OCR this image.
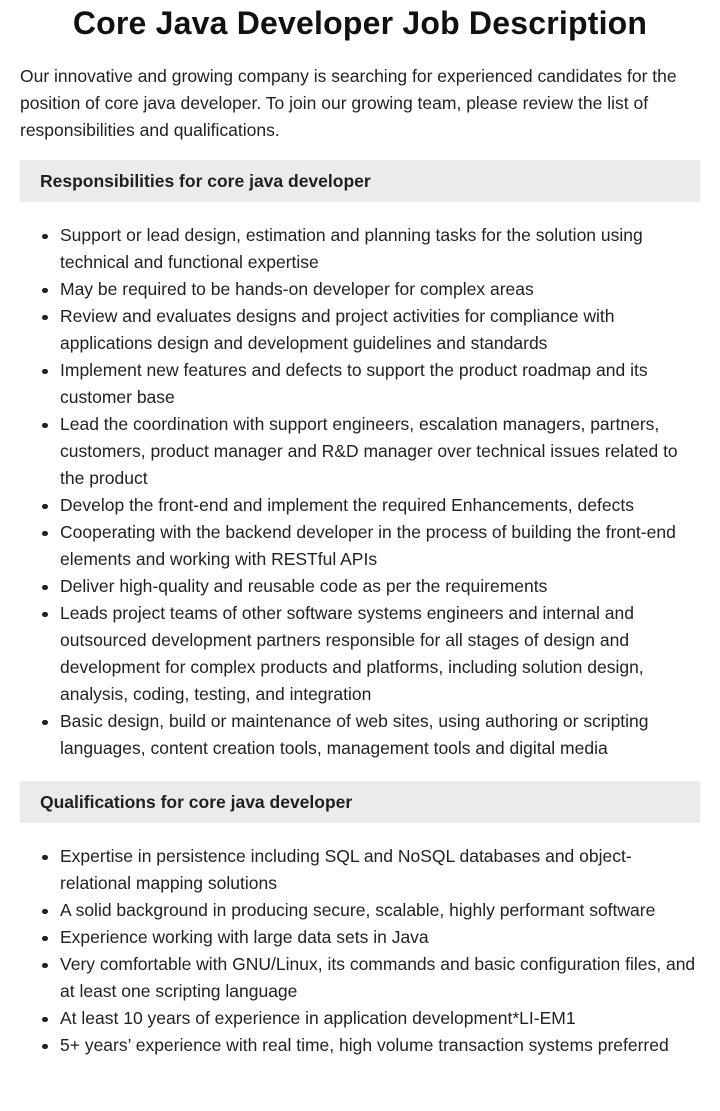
Core Java Developer Job Description

Our innovative and growing company is searching for experienced candidates for the position of core java developer. To join our growing team, please review the list of responsibilities and qualifications.

Responsibilities for core java developer
Support or lead design, estimation and planning tasks for the solution using technical and functional expertise
May be required to be hands-on developer for complex areas
Review and evaluates designs and project activities for compliance with applications design and development guidelines and standards
Implement new features and defects to support the product roadmap and its customer base
Lead the coordination with support engineers, escalation managers, partners, customers, product manager and R&D manager over technical issues related to the product
Develop the front-end and implement the required Enhancements, defects
Cooperating with the backend developer in the process of building the front-end elements and working with RESTful APIs
Deliver high-quality and reusable code as per the requirements
Leads project teams of other software systems engineers and internal and outsourced development partners responsible for all stages of design and development for complex products and platforms, including solution design, analysis, coding, testing, and integration
Basic design, build or maintenance of web sites, using authoring or scripting languages, content creation tools, management tools and digital media
Qualifications for core java developer
Expertise in persistence including SQL and NoSQL databases and object-relational mapping solutions
A solid background in producing secure, scalable, highly performant software
Experience working with large data sets in Java
Very comfortable with GNU/Linux, its commands and basic configuration files, and at least one scripting language
At least 10 years of experience in application development*LI-EM1
5+ years’ experience with real time, high volume transaction systems preferred
